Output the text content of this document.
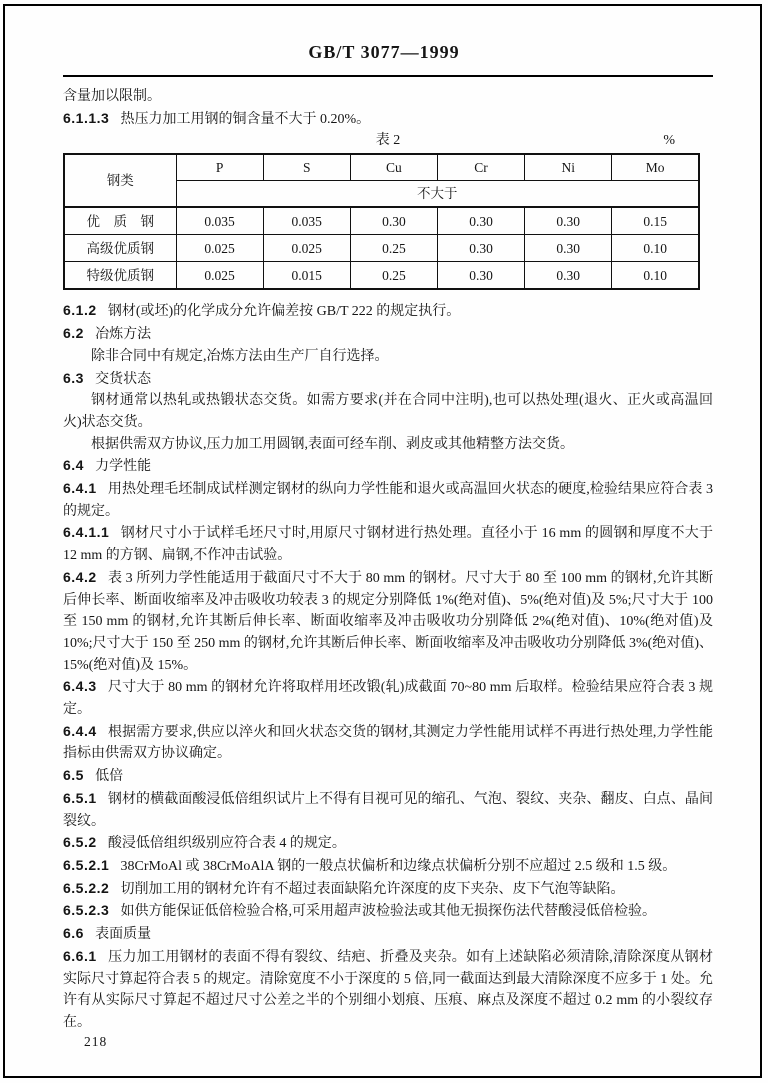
GB/T 3077—1999

含量加以限制。

6.1.1.3 热压力加工用钢的铜含量不大于 0.20%。

表 2	%
钢类	P	S	Cu	Cr	Ni	Mo
	不大于					
优　质　钢	0.035	0.035	0.30	0.30	0.30	0.15
高级优质钢	0.025	0.025	0.25	0.30	0.30	0.10
特级优质钢	0.025	0.015	0.25	0.30	0.30	0.10

6.1.2 钢材(或坯)的化学成分允许偏差按 GB/T 222 的规定执行。

6.2 冶炼方法

除非合同中有规定,冶炼方法由生产厂自行选择。

6.3 交货状态

钢材通常以热轧或热锻状态交货。如需方要求(并在合同中注明),也可以热处理(退火、正火或高温回火)状态交货。

根据供需双方协议,压力加工用圆钢,表面可经车削、剥皮或其他精整方法交货。

6.4 力学性能

6.4.1 用热处理毛坯制成试样测定钢材的纵向力学性能和退火或高温回火状态的硬度,检验结果应符合表 3 的规定。

6.4.1.1 钢材尺寸小于试样毛坯尺寸时,用原尺寸钢材进行热处理。直径小于 16 mm 的圆钢和厚度不大于 12 mm 的方钢、扁钢,不作冲击试验。

6.4.2 表 3 所列力学性能适用于截面尺寸不大于 80 mm 的钢材。尺寸大于 80 至 100 mm 的钢材,允许其断后伸长率、断面收缩率及冲击吸收功较表 3 的规定分别降低 1%(绝对值)、5%(绝对值)及 5%;尺寸大于 100 至 150 mm 的钢材,允许其断后伸长率、断面收缩率及冲击吸收功分别降低 2%(绝对值)、10%(绝对值)及 10%;尺寸大于 150 至 250 mm 的钢材,允许其断后伸长率、断面收缩率及冲击吸收功分别降低 3%(绝对值)、15%(绝对值)及 15%。

6.4.3 尺寸大于 80 mm 的钢材允许将取样用坯改锻(轧)成截面 70~80 mm 后取样。检验结果应符合表 3 规定。

6.4.4 根据需方要求,供应以淬火和回火状态交货的钢材,其测定力学性能用试样不再进行热处理,力学性能指标由供需双方协议确定。

6.5 低倍

6.5.1 钢材的横截面酸浸低倍组织试片上不得有目视可见的缩孔、气泡、裂纹、夹杂、翻皮、白点、晶间裂纹。

6.5.2 酸浸低倍组织级别应符合表 4 的规定。

6.5.2.1 38CrMoAl 或 38CrMoAlA 钢的一般点状偏析和边缘点状偏析分别不应超过 2.5 级和 1.5 级。

6.5.2.2 切削加工用的钢材允许有不超过表面缺陷允许深度的皮下夹杂、皮下气泡等缺陷。

6.5.2.3 如供方能保证低倍检验合格,可采用超声波检验法或其他无损探伤法代替酸浸低倍检验。

6.6 表面质量

6.6.1 压力加工用钢材的表面不得有裂纹、结疤、折叠及夹杂。如有上述缺陷必须清除,清除深度从钢材实际尺寸算起符合表 5 的规定。清除宽度不小于深度的 5 倍,同一截面达到最大清除深度不应多于 1 处。允许有从实际尺寸算起不超过尺寸公差之半的个别细小划痕、压痕、麻点及深度不超过 0.2 mm 的小裂纹存在。

218
